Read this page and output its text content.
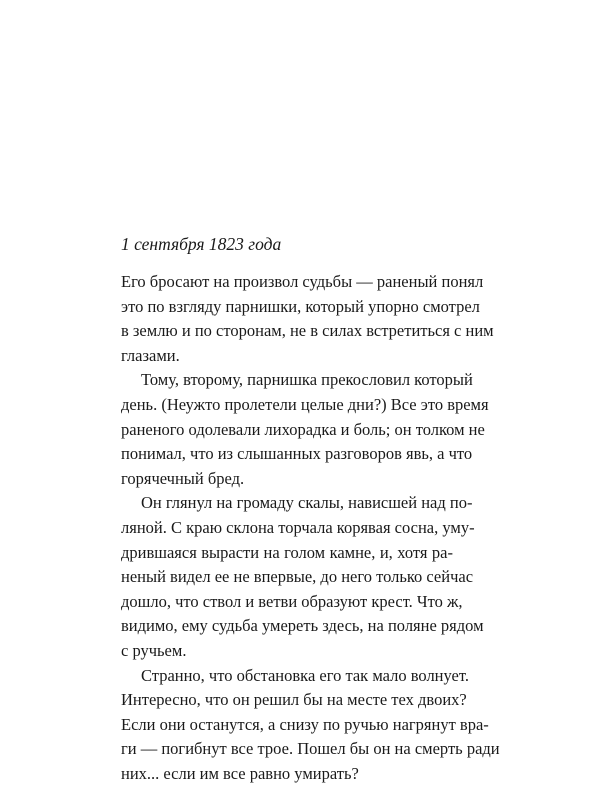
1 сентября 1823 года
Его бросают на произвол судьбы — раненый понял
это по взгляду парнишки, который упорно смотрел
в землю и по сторонам, не в силах встретиться с ним
глазами.
Тому, второму, парнишка прекословил который
день. (Неужто пролетели целые дни?) Все это время
раненого одолевали лихорадка и боль; он толком не
понимал, что из слышанных разговоров явь, а что
горячечный бред.
Он глянул на громаду скалы, нависшей над по-
ляной. С краю склона торчала корявая сосна, уму-
дрившаяся вырасти на голом камне, и, хотя ра-
неный видел ее не впервые, до него только сейчас
дошло, что ствол и ветви образуют крест. Что ж,
видимо, ему судьба умереть здесь, на поляне рядом
с ручьем.
Странно, что обстановка его так мало волнует.
Интересно, что он решил бы на месте тех двоих?
Если они останутся, а снизу по ручью нагрянут вра-
ги — погибнут все трое. Пошел бы он на смерть ради
них... если им все равно умирать?
